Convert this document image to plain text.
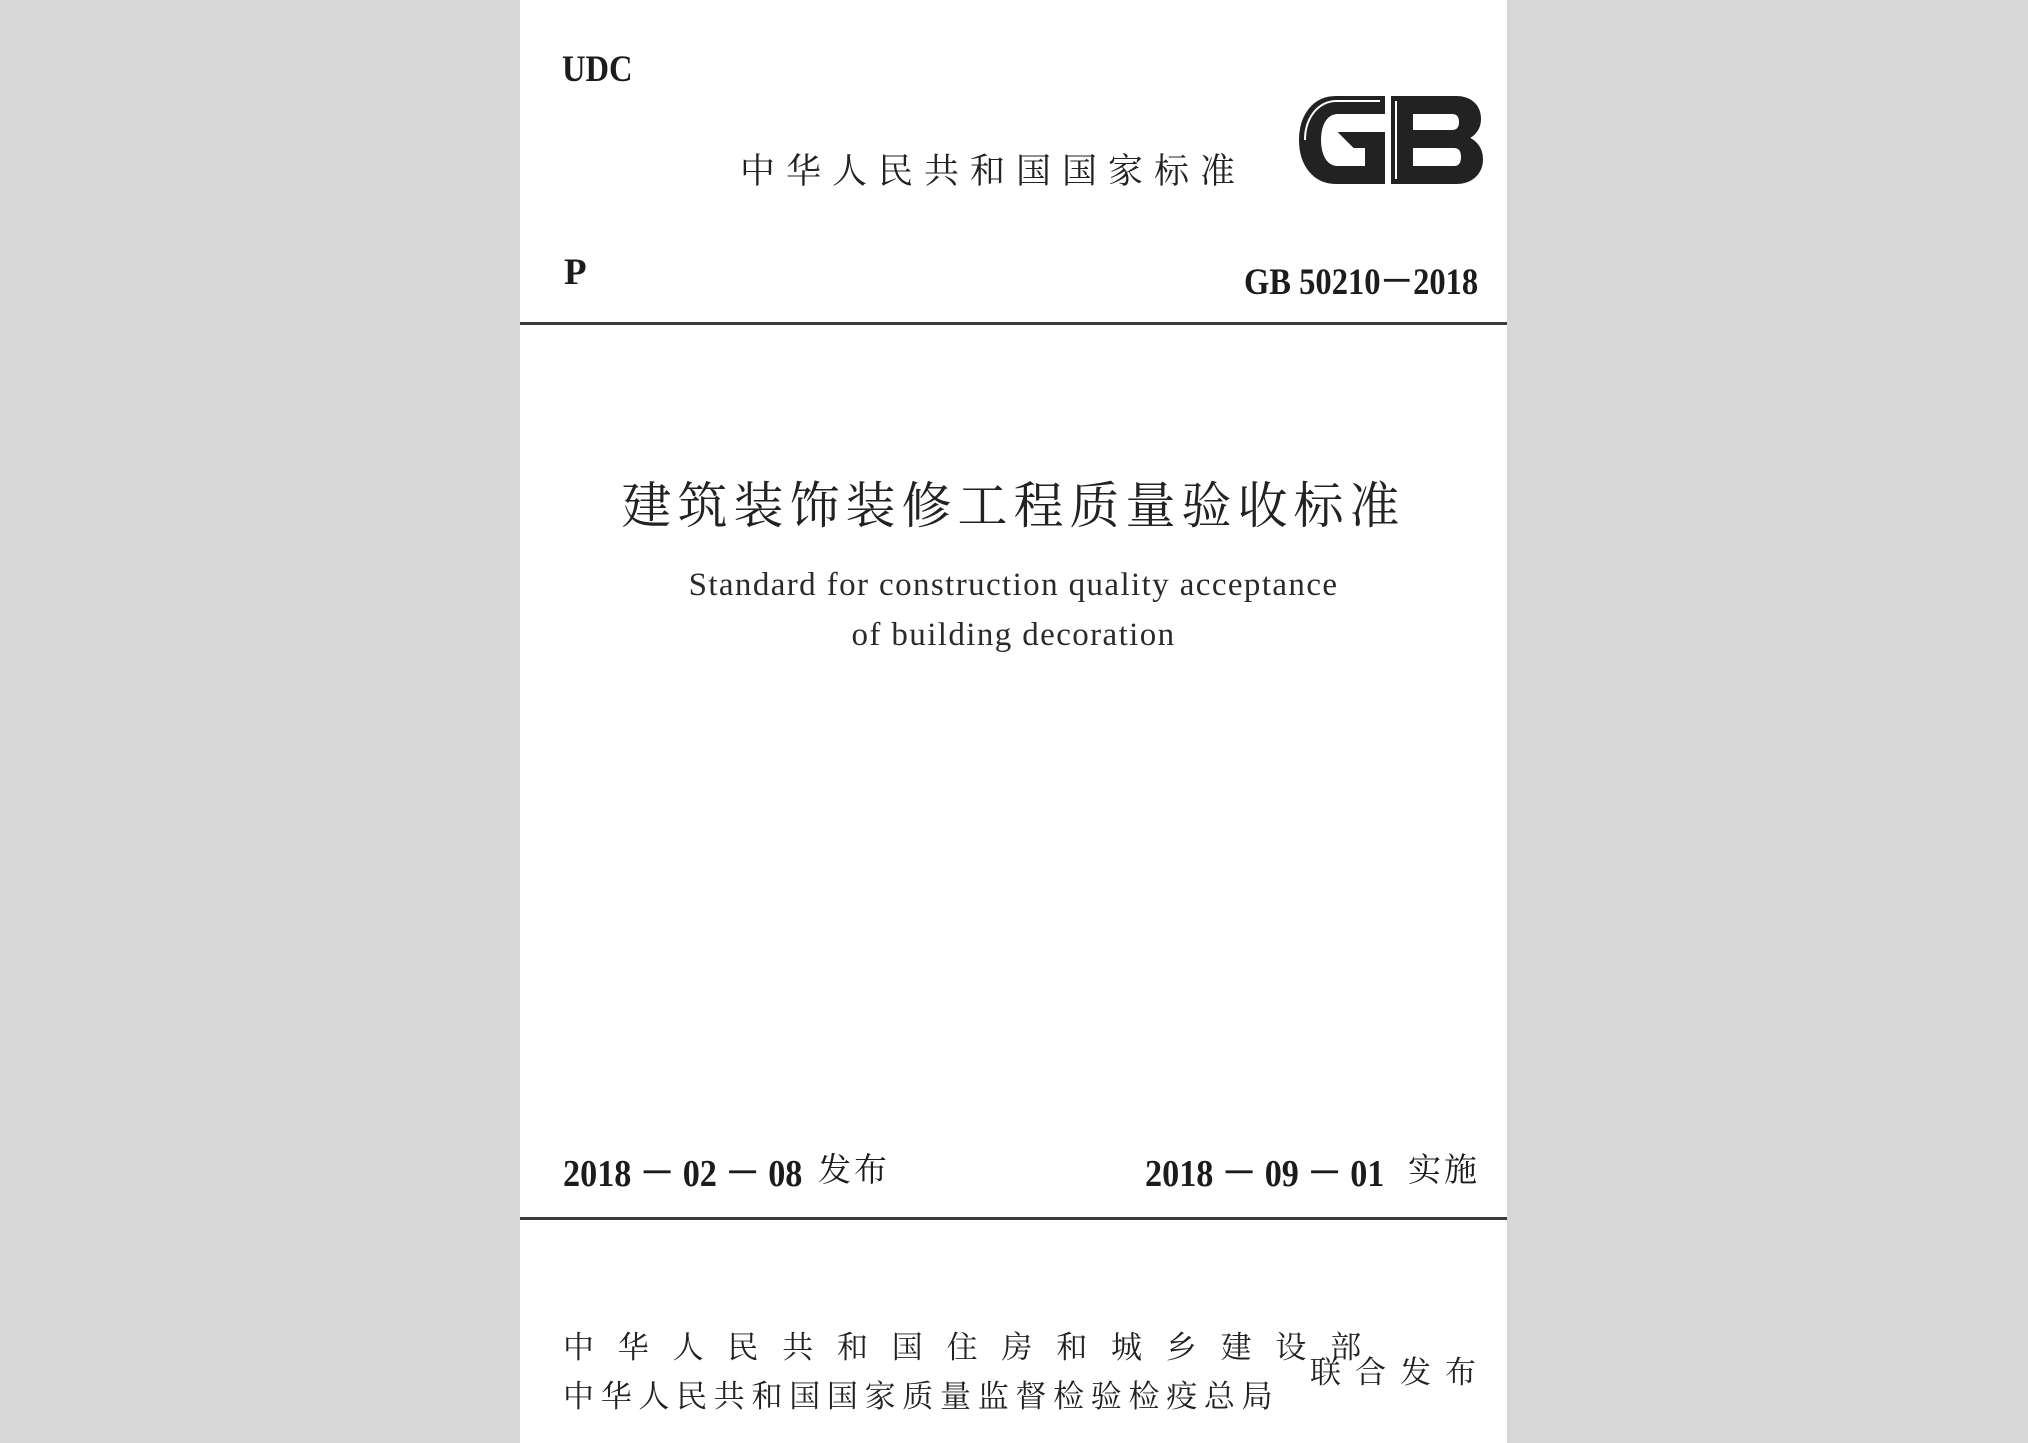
UDC
中华人民共和国国家标准
P	GB 50210－2018
建筑装饰装修工程质量验收标准
Standard for construction quality acceptance
of building decoration
2018 － 02 － 08 发布	2018 － 09 － 01 实施
中华人民共和国住房和城乡建设部
中华人民共和国国家质量监督检验检疫总局
联合发布
